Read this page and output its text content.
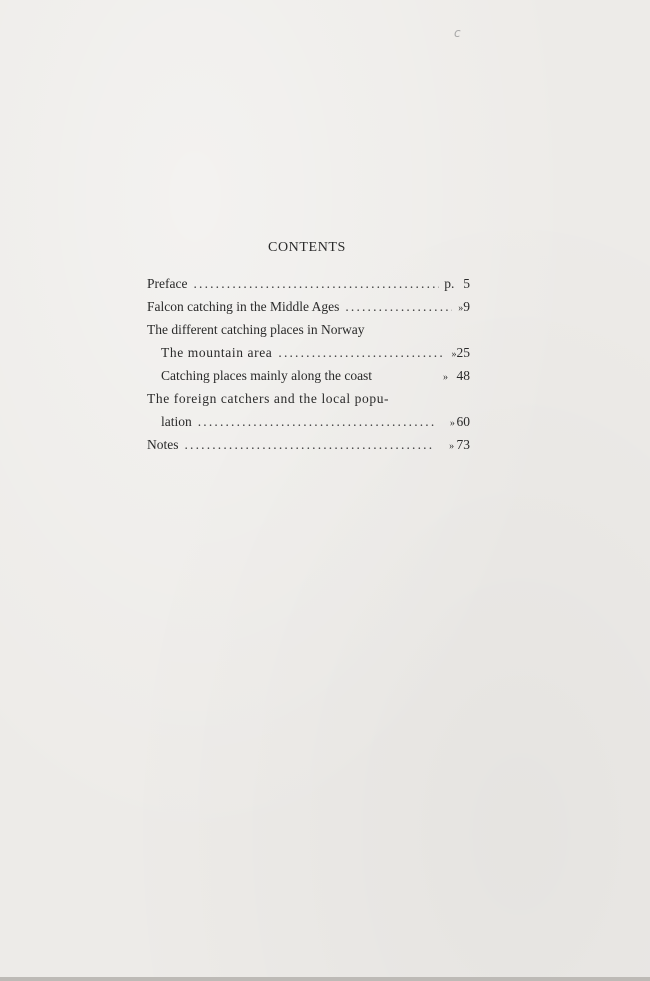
c
CONTENTS
Preface . . .	p. 5
Falcon catching in the Middle Ages . . .	» 9
The different catching places in Norway
The mountain area . . .	» 25
Catching places mainly along the coast	» 48
The foreign catchers and the local popu-
lation . . .	» 60
Notes . . .	» 73
